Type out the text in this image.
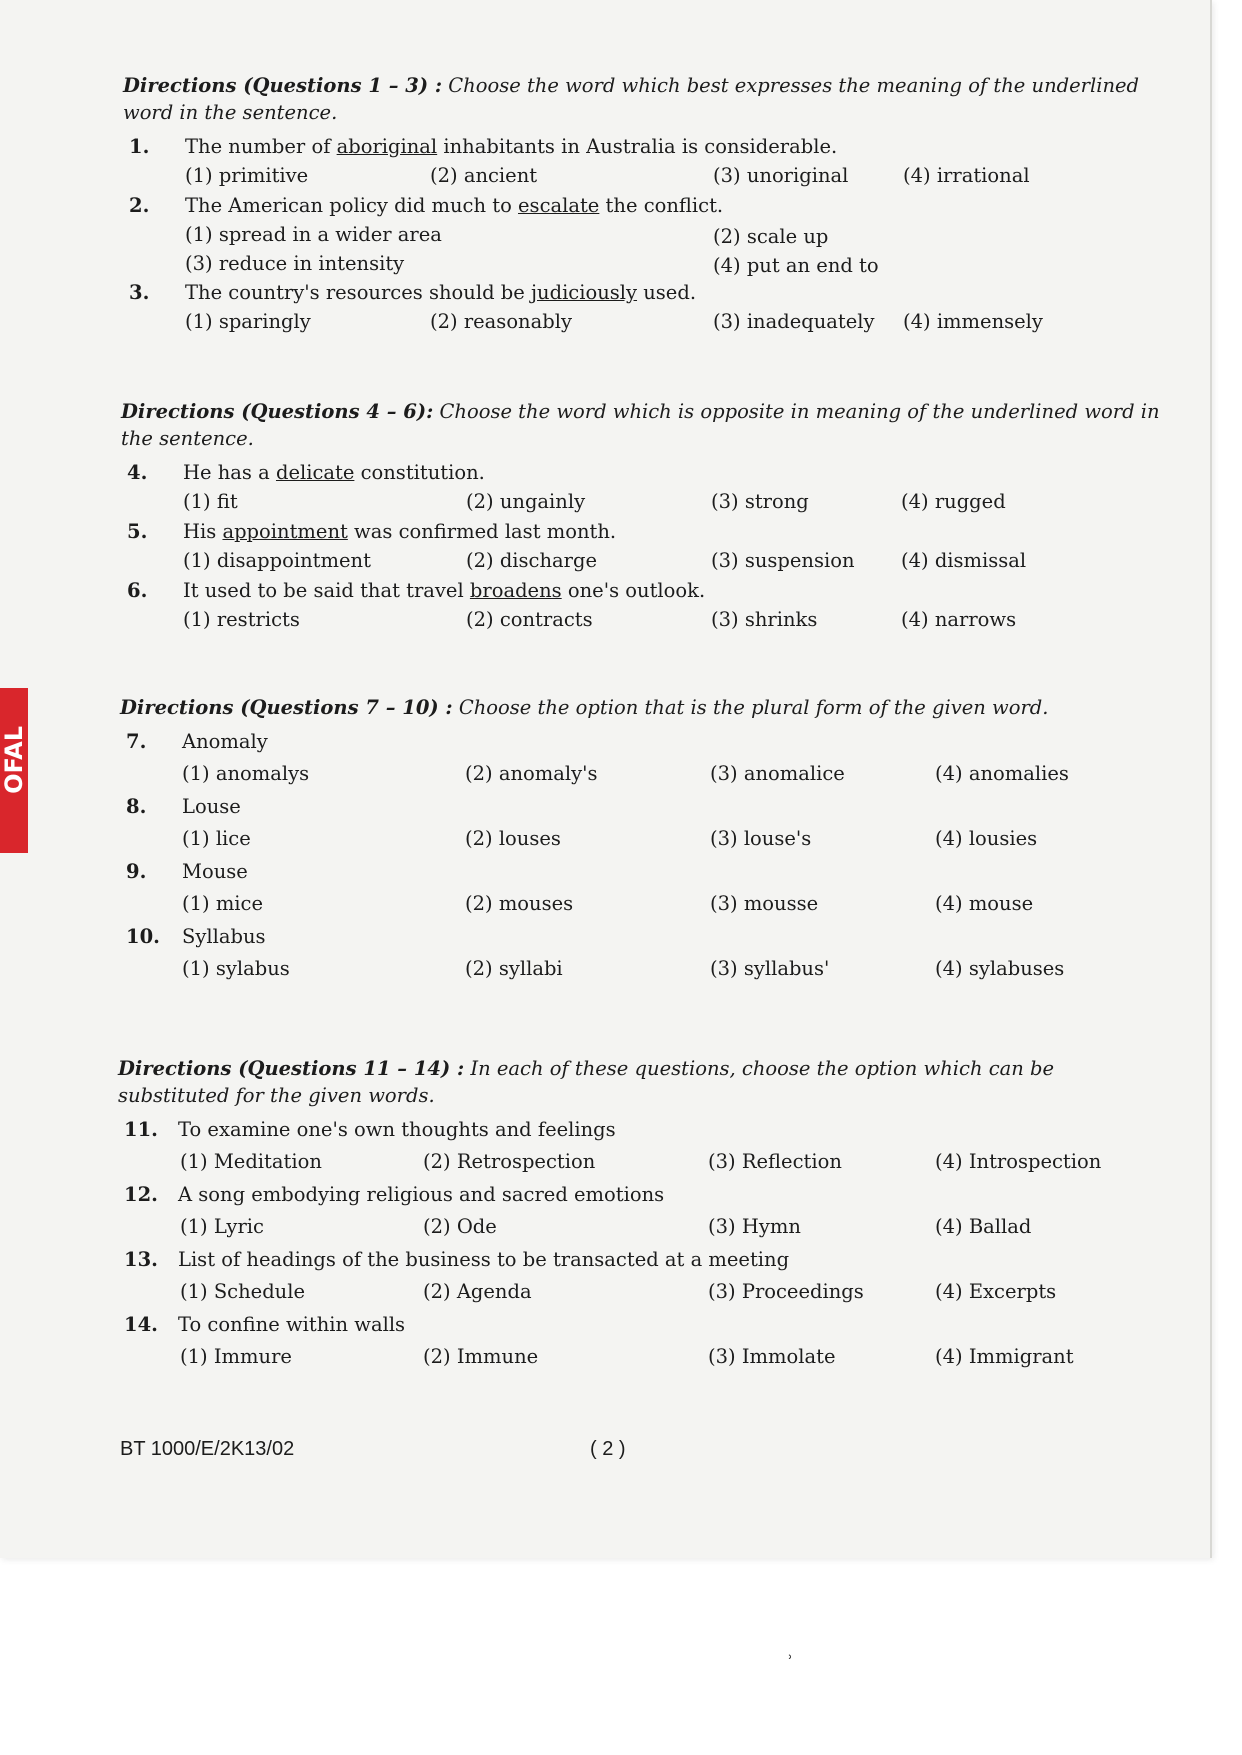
OFAL

Directions (Questions 1 – 3) : Choose the word which best expresses the meaning of the underlined word in the sentence.

1. The number of aboriginal inhabitants in Australia is considerable.
(1) primitive	(2) ancient	(3) unoriginal	(4) irrational
2. The American policy did much to escalate the conflict.
(1) spread in a wider area	(2) scale up
(3) reduce in intensity	(4) put an end to
3. The country's resources should be judiciously used.
(1) sparingly	(2) reasonably	(3) inadequately (4) immensely

Directions (Questions 4 – 6): Choose the word which is opposite in meaning of the underlined word in the sentence.

4. He has a delicate constitution.
(1) fit	(2) ungainly	(3) strong	(4) rugged
5. His appointment was confirmed last month.
(1) disappointment	(2) discharge	(3) suspension (4) dismissal
6. It used to be said that travel broadens one's outlook.
(1) restricts	(2) contracts	(3) shrinks	(4) narrows

Directions (Questions 7 – 10) : Choose the option that is the plural form of the given word.

7. Anomaly
(1) anomalys	(2) anomaly's	(3) anomalice	(4) anomalies
8. Louse
(1) lice	(2) louses	(3) louse's	(4) lousies
9. Mouse
(1) mice	(2) mouses	(3) mousse	(4) mouse
10. Syllabus
(1) sylabus	(2) syllabi	(3) syllabus'	(4) sylabuses

Directions (Questions 11 – 14) : In each of these questions, choose the option which can be substituted for the given words.

11. To examine one's own thoughts and feelings
(1) Meditation	(2) Retrospection	(3) Reflection	(4) Introspection
12. A song embodying religious and sacred emotions
(1) Lyric	(2) Ode	(3) Hymn	(4) Ballad
13. List of headings of the business to be transacted at a meeting
(1) Schedule	(2) Agenda	(3) Proceedings	(4) Excerpts
14. To confine within walls
(1) Immure	(2) Immune	(3) Immolate	(4) Immigrant
BT 1000/E/2K13/02	( 2 )
ʾ
